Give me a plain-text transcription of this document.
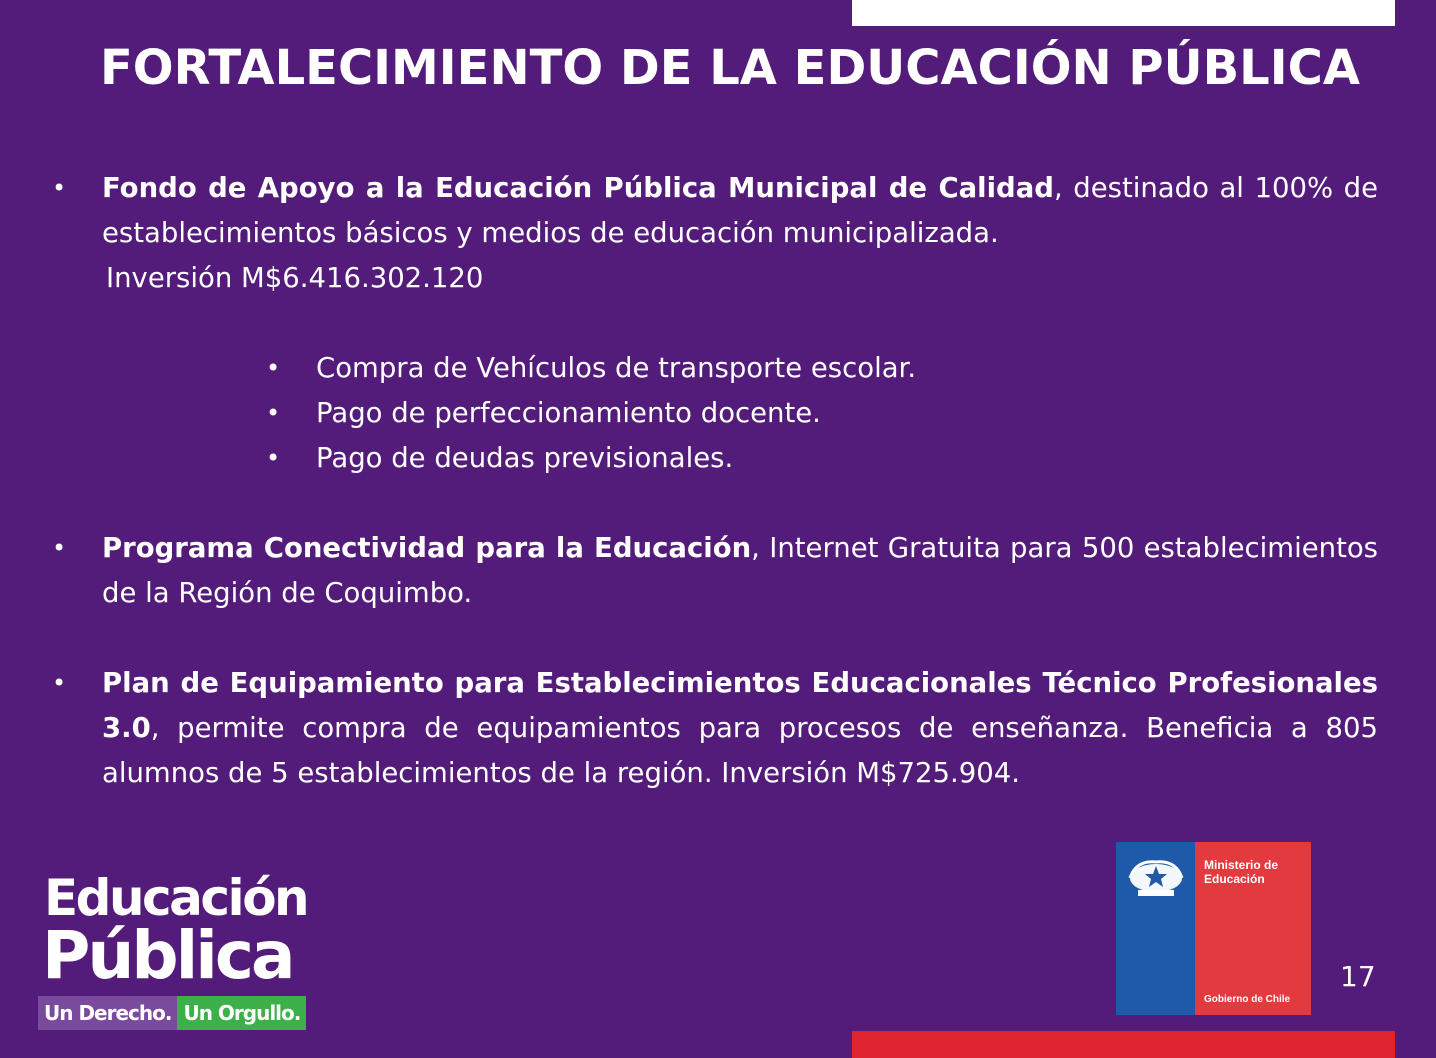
FORTALECIMIENTO DE LA EDUCACIÓN PÚBLICA
• Fondo de Apoyo a la Educación Pública Municipal de Calidad, destinado al 100% de establecimientos básicos y medios de educación municipalizada.
Inversión M$6.416.302.120
• Compra de Vehículos de transporte escolar.
• Pago de perfeccionamiento docente.
• Pago de deudas previsionales.
• Programa Conectividad para la Educación, Internet Gratuita para 500 establecimientos de la Región de Coquimbo.
• Plan de Equipamiento para Establecimientos Educacionales Técnico Profesionales 3.0, permite compra de equipamientos para procesos de enseñanza. Beneficia a 805 alumnos de 5 establecimientos de la región. Inversión M$725.904.
Educación
Pública
Un Derecho. Un Orgullo.
Ministerio de Educación
Gobierno de Chile
17
